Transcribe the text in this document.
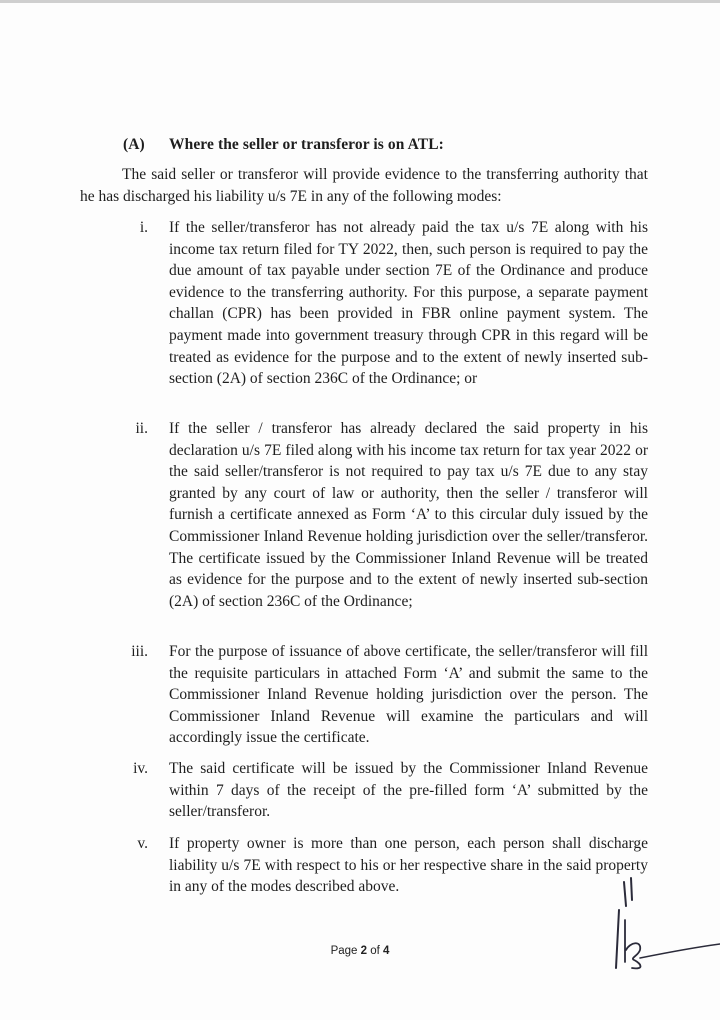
(A) Where the seller or transferor is on ATL:
The said seller or transferor will provide evidence to the transferring authority that he has discharged his liability u/s 7E in any of the following modes:
i. If the seller/transferor has not already paid the tax u/s 7E along with his income tax return filed for TY 2022, then, such person is required to pay the due amount of tax payable under section 7E of the Ordinance and produce evidence to the transferring authority. For this purpose, a separate payment challan (CPR) has been provided in FBR online payment system. The payment made into government treasury through CPR in this regard will be treated as evidence for the purpose and to the extent of newly inserted sub-section (2A) of section 236C of the Ordinance; or
ii. If the seller / transferor has already declared the said property in his declaration u/s 7E filed along with his income tax return for tax year 2022 or the said seller/transferor is not required to pay tax u/s 7E due to any stay granted by any court of law or authority, then the seller / transferor will furnish a certificate annexed as Form ‘A’ to this circular duly issued by the Commissioner Inland Revenue holding jurisdiction over the seller/transferor. The certificate issued by the Commissioner Inland Revenue will be treated as evidence for the purpose and to the extent of newly inserted sub-section (2A) of section 236C of the Ordinance;
iii. For the purpose of issuance of above certificate, the seller/transferor will fill the requisite particulars in attached Form ‘A’ and submit the same to the Commissioner Inland Revenue holding jurisdiction over the person. The Commissioner Inland Revenue will examine the particulars and will accordingly issue the certificate.
iv. The said certificate will be issued by the Commissioner Inland Revenue within 7 days of the receipt of the pre-filled form ‘A’ submitted by the seller/transferor.
v. If property owner is more than one person, each person shall discharge liability u/s 7E with respect to his or her respective share in the said property in any of the modes described above.
Page 2 of 4
